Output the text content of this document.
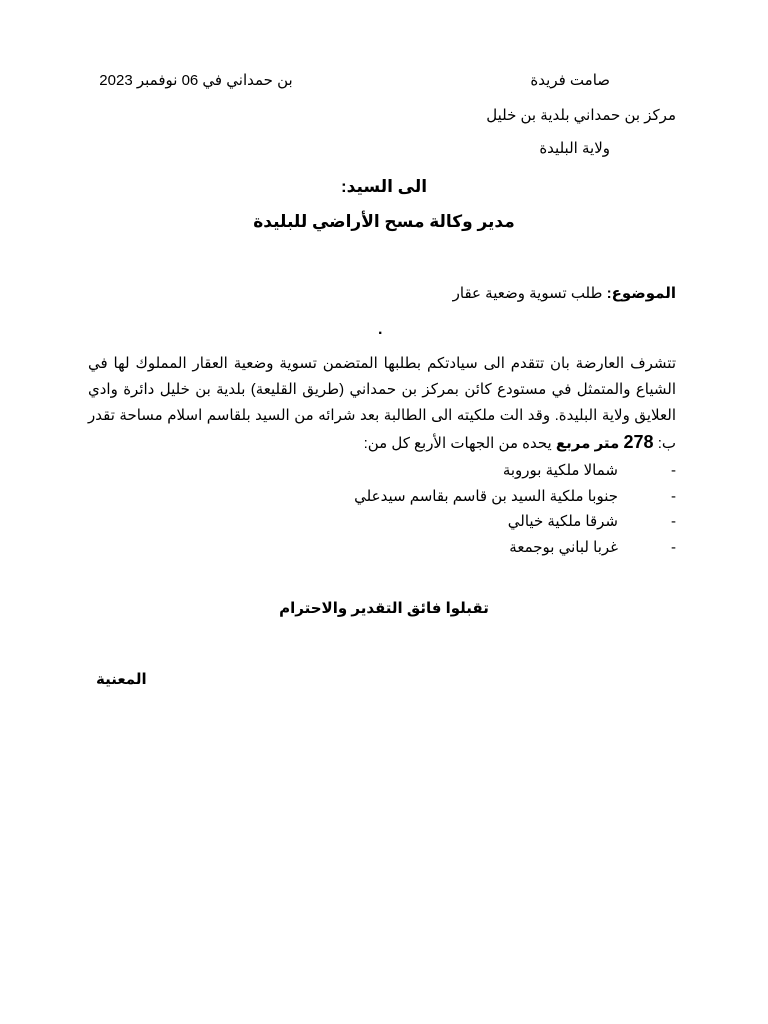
صامت فريدة
بن حمداني في 06 نوفمبر 2023
مركز بن حمداني بلدية بن خليل
ولاية البليدة
الى السيد:
مدير وكالة مسح الأراضي للبليدة
الموضوع: طلب تسوية وضعية عقار
.
تتشرف العارضة بان تتقدم الى سيادتكم بطلبها المتضمن تسوية وضعية العقار المملوك لها في الشياع والمتمثل في مستودع كائن بمركز بن حمداني (طريق القليعة) بلدية بن خليل دائرة وادي العلايق ولاية البليدة. وقد الت ملكيته الى الطالبة بعد شرائه من السيد بلقاسم اسلام مساحة تقدر ب: 278 متر مربع يحده من الجهات الأربع كل من:
-
شمالا ملكية بوروبة
-
جنوبا ملكية السيد بن قاسم بقاسم سيدعلي
-
شرقا ملكية خيالي
-
غربا لباني بوجمعة
تقبلوا فائق التقدير والاحترام
المعنية
